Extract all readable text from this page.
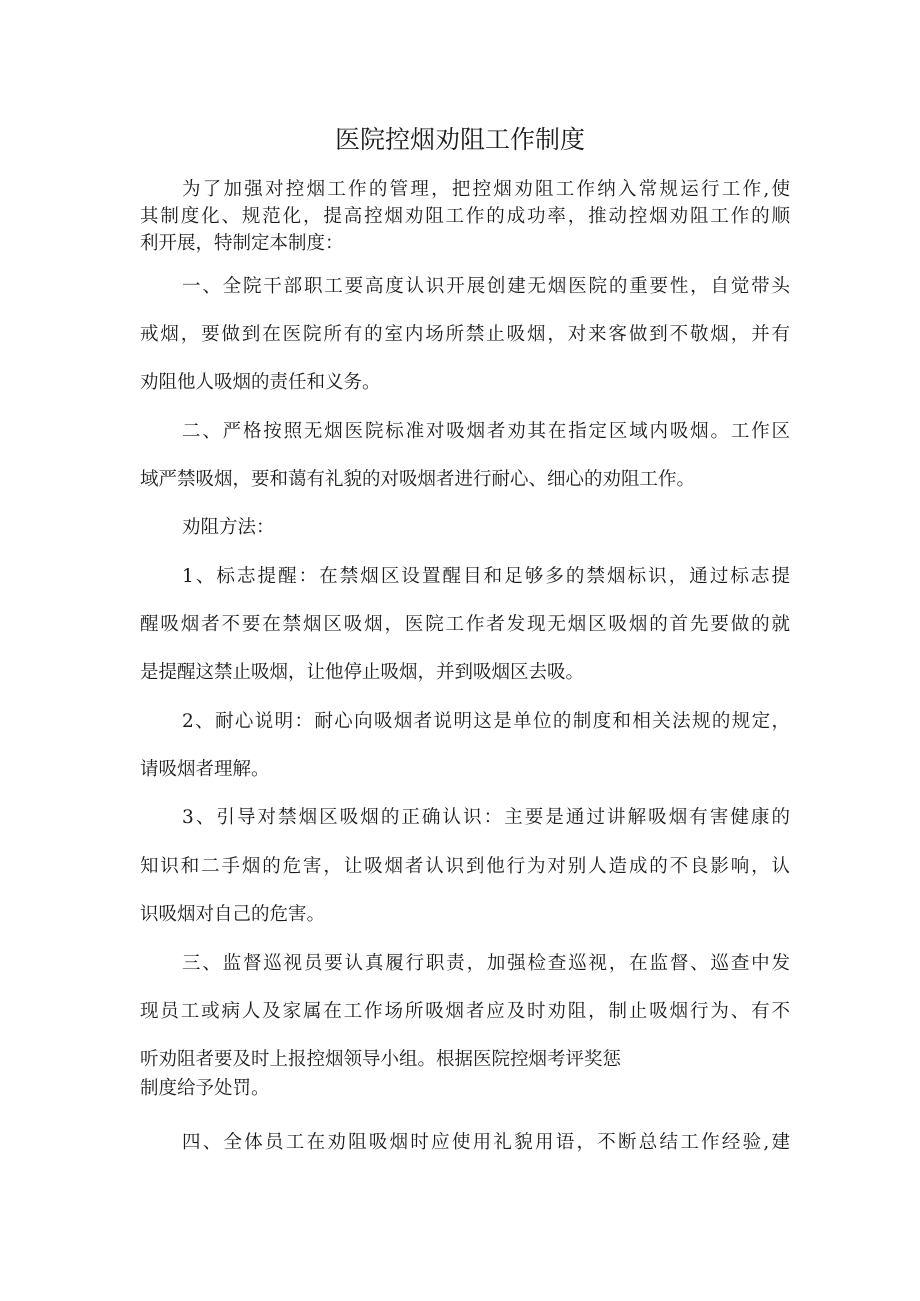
医院控烟劝阻工作制度
为了加强对控烟工作的管理，把控烟劝阻工作纳入常规运行工作,使
其制度化、规范化，提高控烟劝阻工作的成功率，推动控烟劝阻工作的顺
利开展，特制定本制度：
一、全院干部职工要高度认识开展创建无烟医院的重要性，自觉带头
戒烟，要做到在医院所有的室内场所禁止吸烟，对来客做到不敬烟，并有
劝阻他人吸烟的责任和义务。
二、严格按照无烟医院标准对吸烟者劝其在指定区域内吸烟。工作区
域严禁吸烟，要和蔼有礼貌的对吸烟者进行耐心、细心的劝阻工作。
劝阻方法：
1、标志提醒：在禁烟区设置醒目和足够多的禁烟标识，通过标志提
醒吸烟者不要在禁烟区吸烟，医院工作者发现无烟区吸烟的首先要做的就
是提醒这禁止吸烟，让他停止吸烟，并到吸烟区去吸。
2、耐心说明：耐心向吸烟者说明这是单位的制度和相关法规的规定，
请吸烟者理解。
3、引导对禁烟区吸烟的正确认识：主要是通过讲解吸烟有害健康的
知识和二手烟的危害，让吸烟者认识到他行为对别人造成的不良影响，认
识吸烟对自己的危害。
三、监督巡视员要认真履行职责，加强检查巡视，在监督、巡查中发
现员工或病人及家属在工作场所吸烟者应及时劝阻，制止吸烟行为、有不
听劝阻者要及时上报控烟领导小组。根据医院控烟考评奖惩
制度给予处罚。
四、全体员工在劝阻吸烟时应使用礼貌用语，不断总结工作经验,建
